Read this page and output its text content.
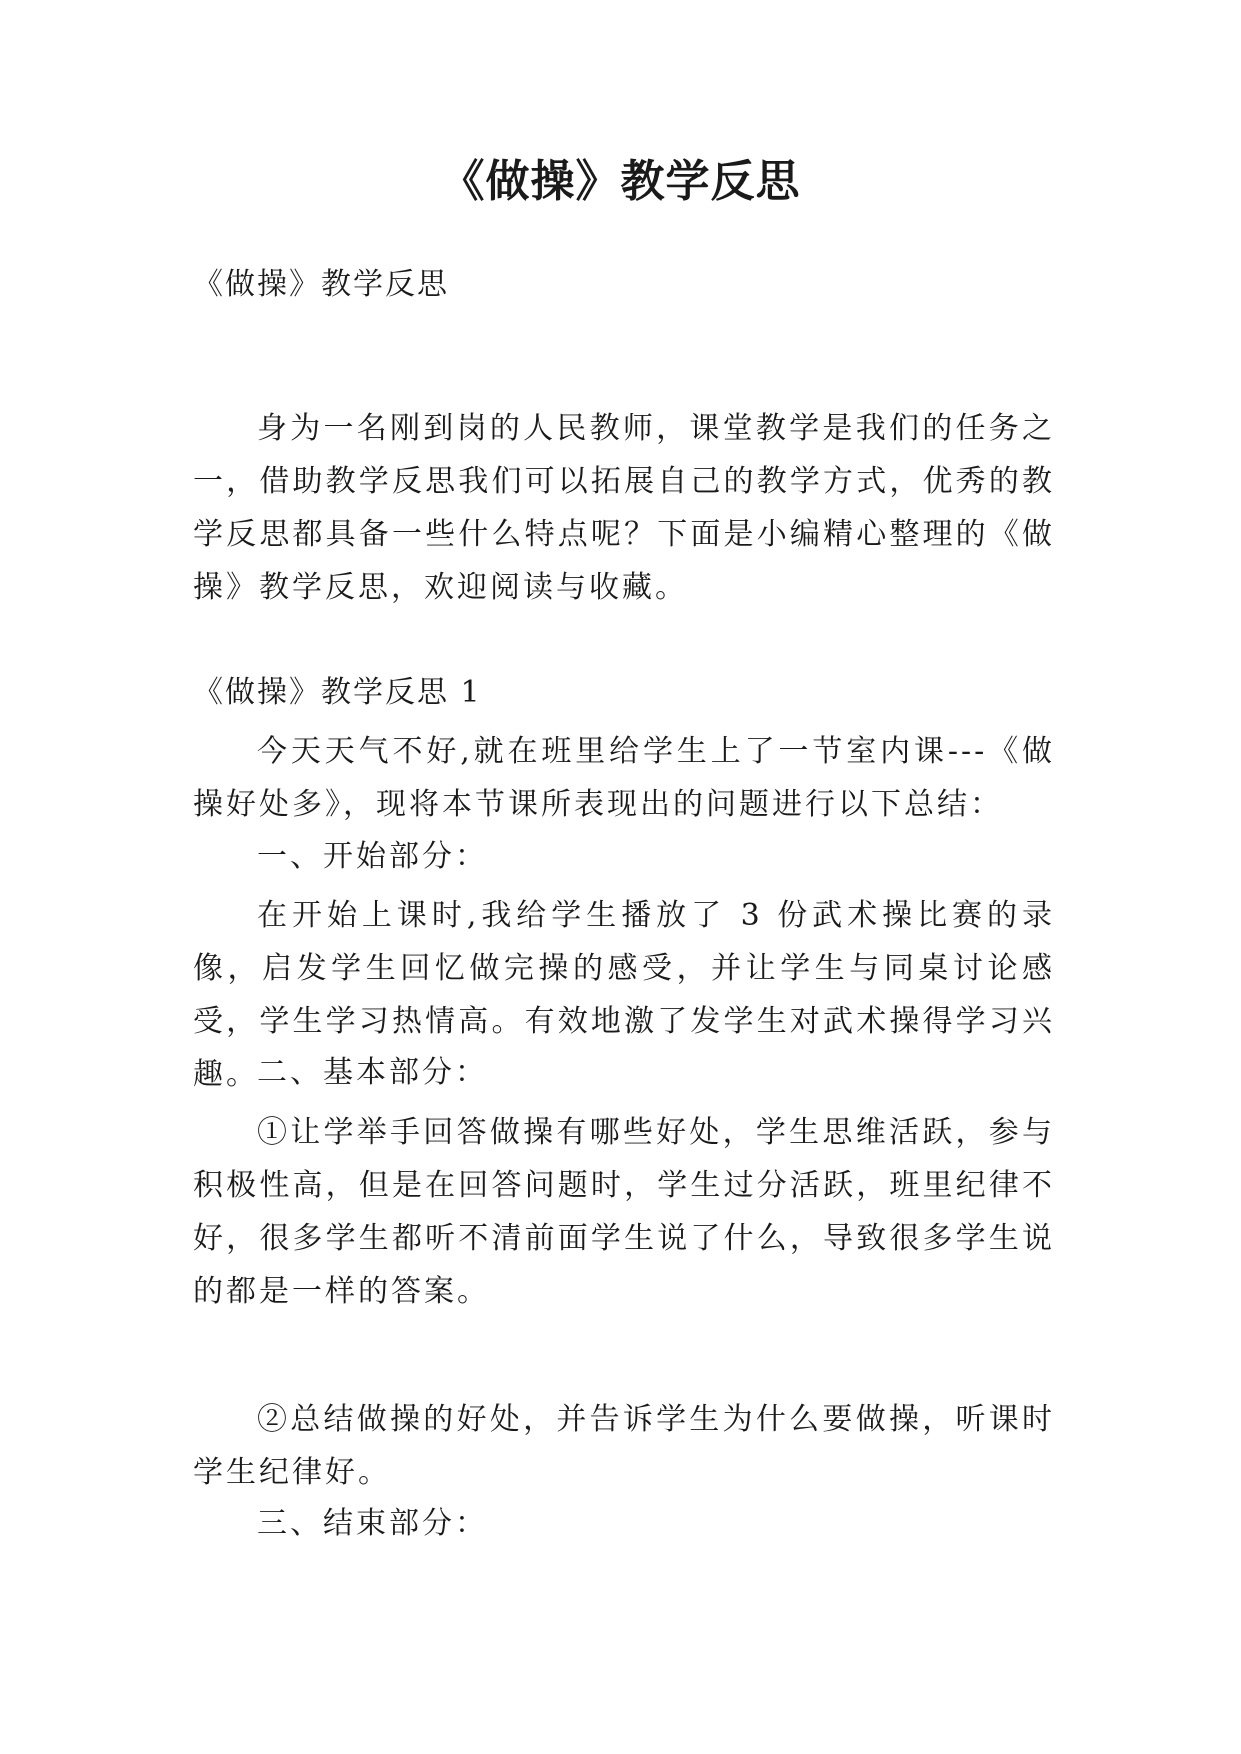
《做操》教学反思

《做操》教学反思

身为一名刚到岗的人民教师，课堂教学是我们的任务之一，借助教学反思我们可以拓展自己的教学方式，优秀的教学反思都具备一些什么特点呢？下面是小编精心整理的《做操》教学反思，欢迎阅读与收藏。

《做操》教学反思 1

今天天气不好,就在班里给学生上了一节室内课---《做操好处多》，现将本节课所表现出的问题进行以下总结：

一、开始部分：

在开始上课时,我给学生播放了 3 份武术操比赛的录像，启发学生回忆做完操的感受，并让学生与同桌讨论感受，学生学习热情高。有效地激了发学生对武术操得学习兴趣。

二、基本部分：

①让学举手回答做操有哪些好处，学生思维活跃，参与积极性高，但是在回答问题时，学生过分活跃，班里纪律不好，很多学生都听不清前面学生说了什么，导致很多学生说的都是一样的答案。

②总结做操的好处，并告诉学生为什么要做操，听课时学生纪律好。

三、结束部分：
